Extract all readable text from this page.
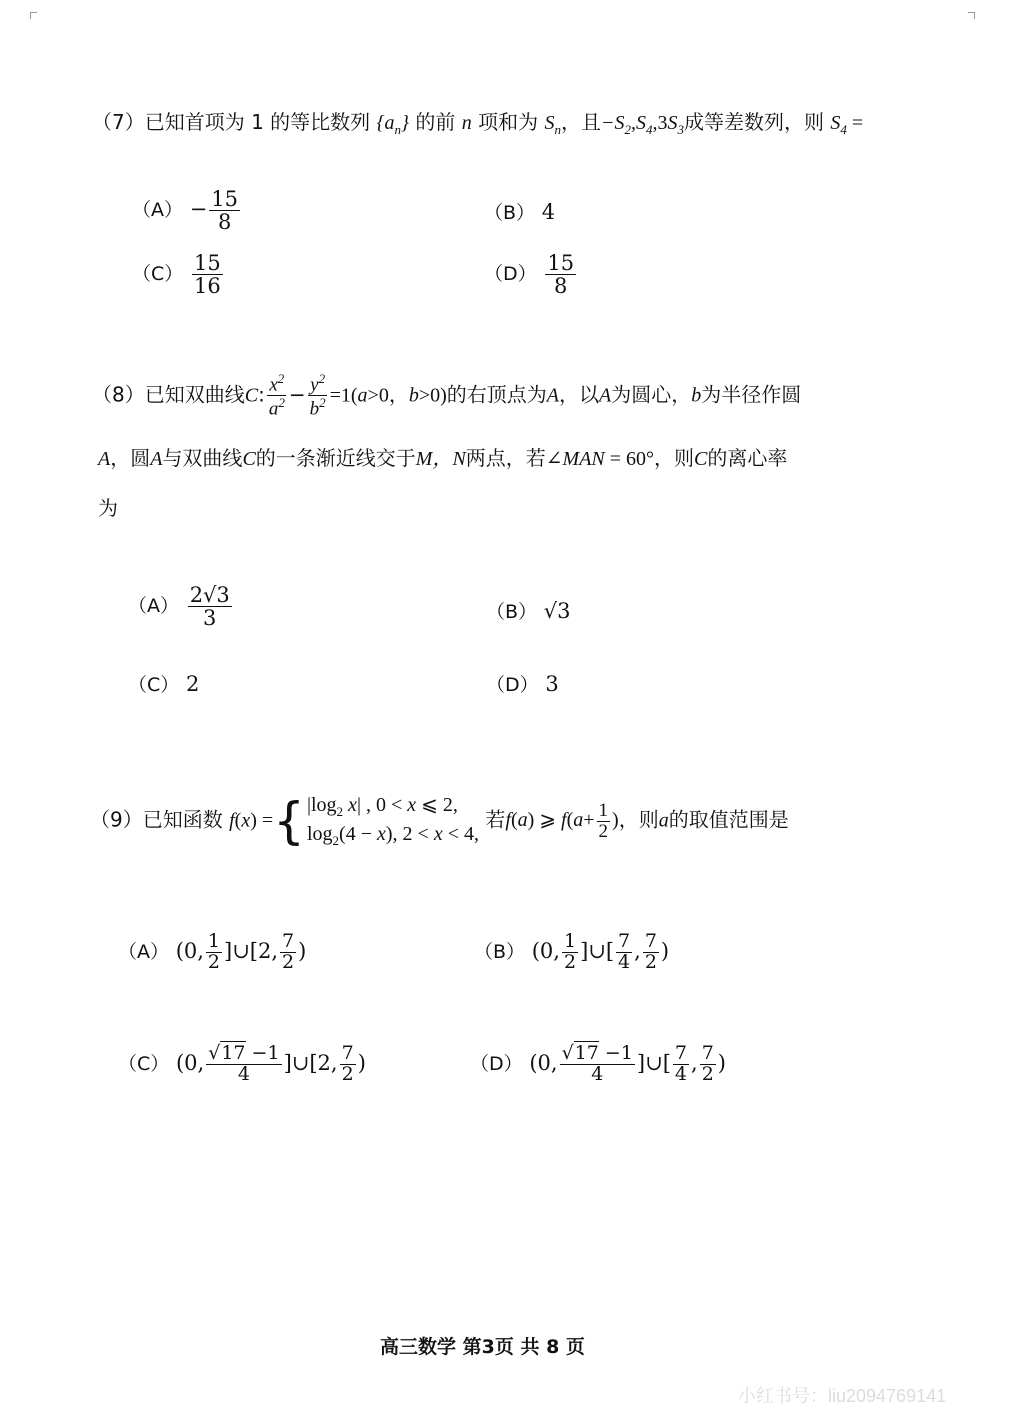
（7）已知首项为 1 的等比数列 $\{a_n\}$ 的前 n 项和为 $S_n$，且$-S_2,S_4,3S_3$成等差数列，则 $S_4$ =
$(A) - \frac{15}{8}$	（B） 4
$(C) \frac{15}{16}$	$(D) \frac{15}{8}$
（8）已知双曲线C: $\frac{x^2}{a^2} - \frac{y^2}{b^2} =1(a>0$，b>0)的右顶点为A，以A为圆心，b为半径作圆
A，圆A与双曲线C的一条渐近线交于M，N两点，若∠MAN = 60°，则C的离心率
为
$(A) \frac{2√3}{3}$	（B） √3
（C） 2	（D） 3
（9）已知函数 f(x) ={ $|\log_2$ x| , 0 < x ⩽ 2,
$\log_2(4 - x)$, 2 < x < 4,
若f(a) ⩾ $f(a+ \frac{1}{2}$ )，则a的取值范围是
（A） (0, $\frac{1}{2}$ ]∪[2, $\frac{7}{2}$ )	（B） (0, $\frac{1}{2}$ ]∪[ $\frac{7}{4}$ , $\frac{7}{2}$ )
（C） (0, $\frac{√17 -1}{4}$ ]∪[2, $\frac{7}{2}$ )	（D） (0, $\frac{√17 -1}{4}$ ]∪[ $\frac{7}{4}$ , $\frac{7}{2}$ )
高三数学 第3页 共 8 页
小红书号：liu2094769141
